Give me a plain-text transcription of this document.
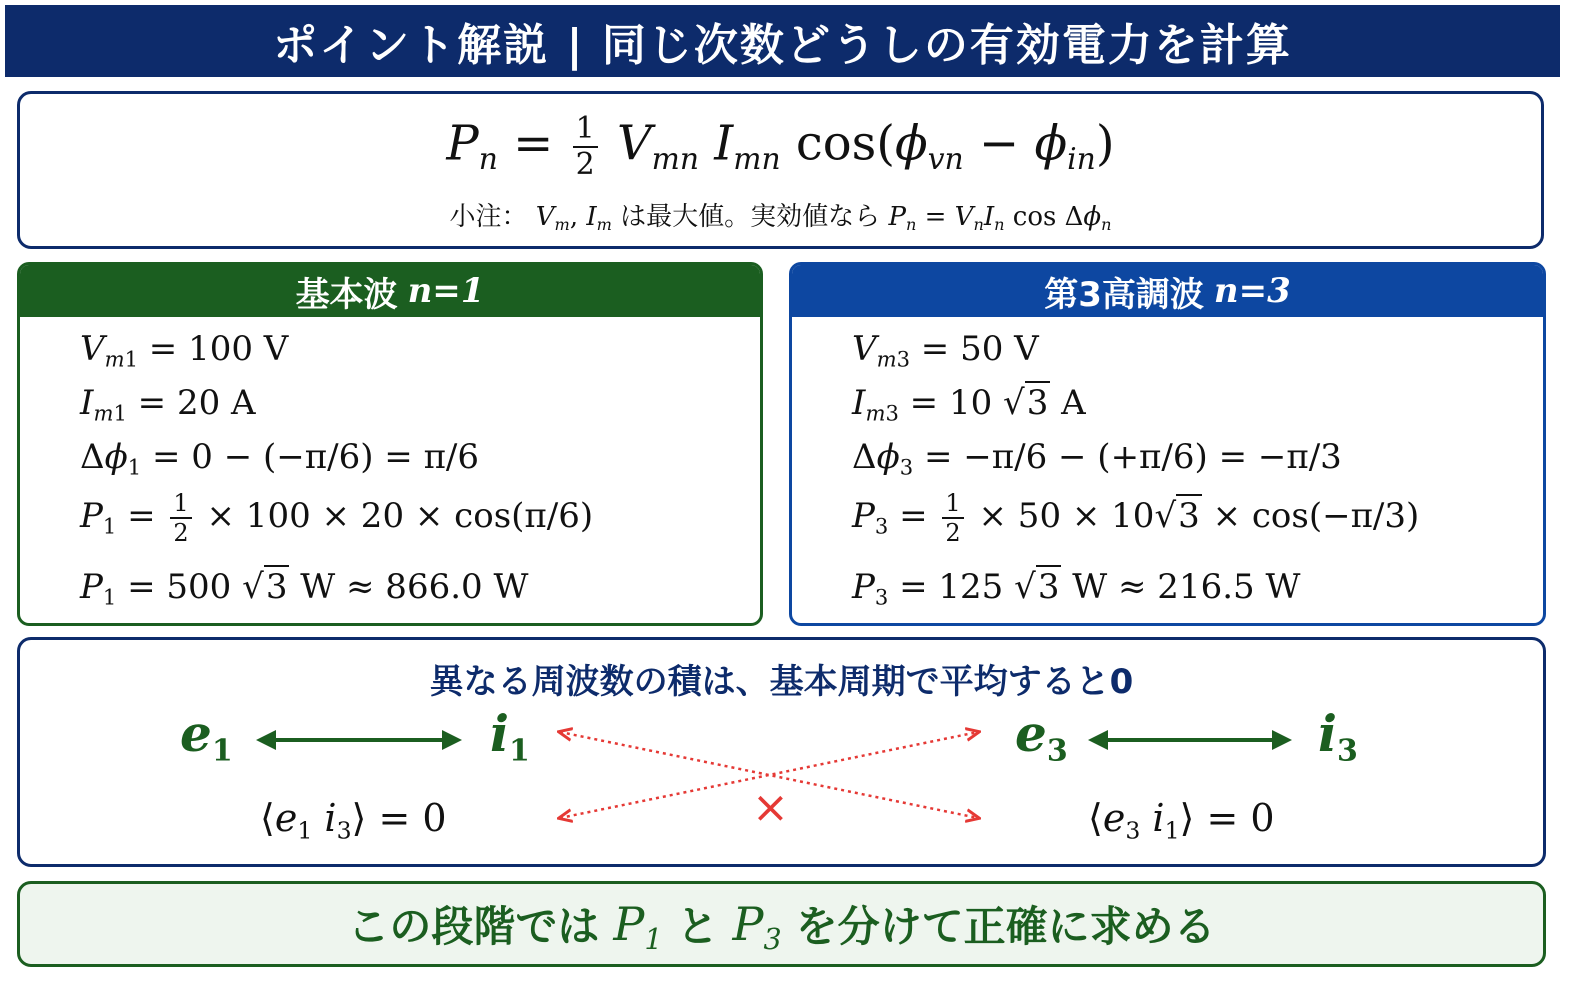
ポイント解説 | 同じ次数どうしの有効電力を計算
$P_n = \frac{1}{2} V_{mn}$ $I_{mn}$ $\cos(\phi_{vn} - \phi_{in})$
小注： $V_m$, $I_m$ は最大値。実効値なら $P_n = V_nI_n$ $\cos \Delta\phi_n$
基本波 n=1
$V_{m1} = 100$ V
$I_{m1} = 20$ A
$\Delta\phi_1 = 0 - (-\pi/6) = \pi/6$
$P_1 = \frac{1}{2} \times 100 \times 20 \times \cos(\pi/6)$
$P_1 = 500$ √3 W ≈ 866.0 W
第3高調波 n=3
$V_{m3} = 50$ V
$I_{m3} = 10$ √3 A
$\Delta\phi_3 = -\pi/6 - (+\pi/6) = -\pi/3$
$P_3 = \frac{1}{2} \times 50 \times 10√3 \times \cos(-\pi/3)$
$P_3 = 125$ √3 W ≈ 216.5 W
異なる周波数の積は、基本周期で平均すると0
$e_1$	$i_1$	$e_3$	$i_3$
×
$⟨e_1$ $i_3⟩ = 0$	$⟨e_3$ $i_1⟩ = 0$
この段階では $P_1$ と $P_3$ を分けて正確に求める
